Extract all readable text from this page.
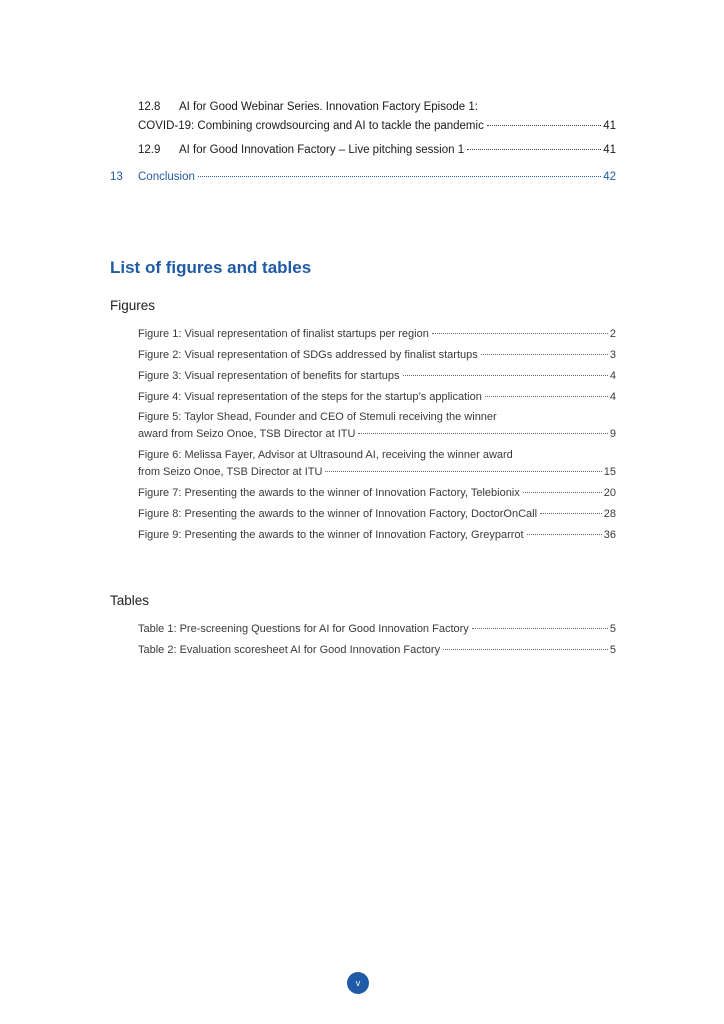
12.8 AI for Good Webinar Series. Innovation Factory Episode 1:
COVID-19: Combining crowdsourcing and AI to tackle the pandemic	41
12.9	AI for Good Innovation Factory – Live pitching session 1	41
13	Conclusion	42
List of figures and tables
Figures
Figure 1: Visual representation of finalist startups per region	2
Figure 2: Visual representation of SDGs addressed by finalist startups	3
Figure 3: Visual representation of benefits for startups	4
Figure 4: Visual representation of the steps for the startup’s application	4
Figure 5: Taylor Shead, Founder and CEO of Stemuli receiving the winner
award from Seizo Onoe, TSB Director at ITU	9
Figure 6: Melissa Fayer, Advisor at Ultrasound AI, receiving the winner award
from Seizo Onoe, TSB Director at ITU	15
Figure 7: Presenting the awards to the winner of Innovation Factory, Telebionix	20
Figure 8: Presenting the awards to the winner of Innovation Factory, DoctorOnCall	28
Figure 9: Presenting the awards to the winner of Innovation Factory, Greyparrot	36
Tables
Table 1: Pre-screening Questions for AI for Good Innovation Factory	5
Table 2: Evaluation scoresheet AI for Good Innovation Factory	5
v
